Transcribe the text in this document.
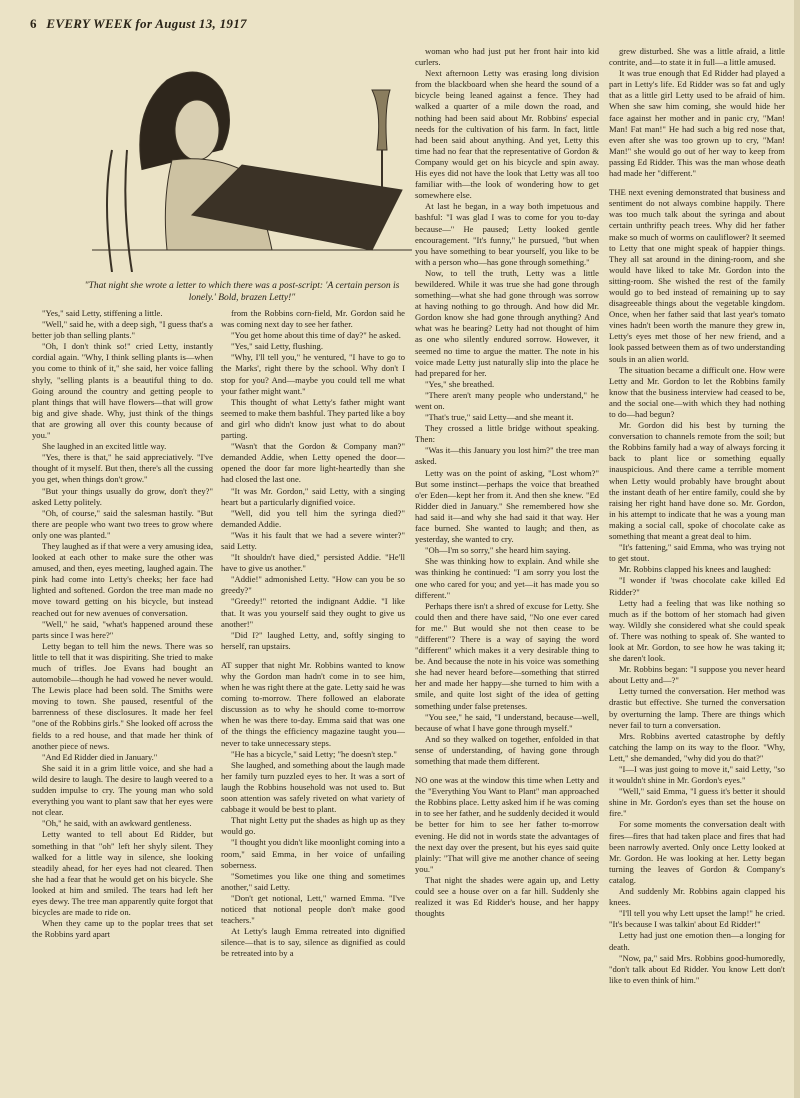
6 EVERY WEEK for August 13, 1917
"That night she wrote a letter to which there was a post-script: 'A certain person is lonely.' Bold, brazen Letty!"

"Yes," said Letty, stiffening a little.

"Well," said he, with a deep sigh, "I guess that's a better job than selling plants."

"Oh, I don't think so!" cried Letty, instantly cordial again. "Why, I think selling plants is—when you come to think of it," she said, her voice falling shyly, "selling plants is a beautiful thing to do. Going around the country and getting people to plant things that will have flowers—that will grow big and give shade. Why, just think of the things that are growing all over this county because of you."

She laughed in an excited little way.

"Yes, there is that," he said appreciatively. "I've thought of it myself. But then, there's all the cussing you get, when things don't grow."

"But your things usually do grow, don't they?" asked Letty politely.

"Oh, of course," said the salesman hastily. "But there are people who want two trees to grow where only one was planted."

They laughed as if that were a very amusing idea, looked at each other to make sure the other was amused, and then, eyes meeting, laughed again. The pink had come into Letty's cheeks; her face had lighted and softened. Gordon the tree man made no move toward getting on his bicycle, but instead reached out for new avenues of conversation.

"Well," he said, "what's happened around these parts since I was here?"

Letty began to tell him the news. There was so little to tell that it was dispiriting. She tried to make much of trifles. Joe Evans had bought an automobile—though he had vowed he never would. The Lewis place had been sold. The Smiths were moving to town. She paused, resentful of the barrenness of these disclosures. It made her feel "one of the Robbins girls." She looked off across the fields to a red house, and that made her think of another piece of news.

"And Ed Ridder died in January."

She said it in a grim little voice, and she had a wild desire to laugh. The desire to laugh veered to a sudden impulse to cry. The young man who sold everything you want to plant saw that her eyes were not clear.

"Oh," he said, with an awkward gentleness.

Letty wanted to tell about Ed Ridder, but something in that "oh" left her shyly silent. They walked for a little way in silence, she looking steadily ahead, for her eyes had not cleared. Then she had a fear that he would get on his bicycle. She looked at him and smiled. The tears had left her eyes dewy. The tree man apparently quite forgot that bicycles are made to ride on.

When they came up to the poplar trees that set the Robbins yard apart

from the Robbins corn-field, Mr. Gordon said he was coming next day to see her father.

"You get home about this time of day?" he asked.

"Yes," said Letty, flushing.

"Why, I'll tell you," he ventured, "I have to go to the Marks', right there by the school. Why don't I stop for you? And—maybe you could tell me what your father might want."

This thought of what Letty's father might want seemed to make them bashful. They parted like a boy and girl who didn't know just what to do about parting.

"Wasn't that the Gordon & Company man?" demanded Addie, when Letty opened the door—opened the door far more light-heartedly than she had closed the last one.

"It was Mr. Gordon," said Letty, with a singing heart but a particularly dignified voice.

"Well, did you tell him the syringa died?" demanded Addie.

"Was it his fault that we had a severe winter?" said Letty.

"It shouldn't have died," persisted Addie. "He'll have to give us another."

"Addie!" admonished Letty. "How can you be so greedy?"

"Greedy!" retorted the indignant Addie. "I like that. It was you yourself said they ought to give us another!"

"Did I?" laughed Letty, and, softly singing to herself, ran upstairs.

AT supper that night Mr. Robbins wanted to know why the Gordon man hadn't come in to see him, when he was right there at the gate. Letty said he was coming to-morrow. There followed an elaborate discussion as to why he should come to-morrow when he was there to-day. Emma said that was one of the things the efficiency magazine taught you—never to take unnecessary steps.

"He has a bicycle," said Letty; "he doesn't step."

She laughed, and something about the laugh made her family turn puzzled eyes to her. It was a sort of laugh the Robbins household was not used to. But soon attention was safely riveted on what variety of cabbage it would be best to plant.

That night Letty put the shades as high up as they would go.

"I thought you didn't like moonlight coming into a room," said Emma, in her voice of unfailing soberness.

"Sometimes you like one thing and sometimes another," said Letty.

"Don't get notional, Lett," warned Emma. "I've noticed that notional people don't make good teachers."

At Letty's laugh Emma retreated into dignified silence—that is to say, silence as dignified as could be retreated into by a

woman who had just put her front hair into kid curlers.

Next afternoon Letty was erasing long division from the blackboard when she heard the sound of a bicycle being leaned against a fence. They had walked a quarter of a mile down the road, and nothing had been said about Mr. Robbins' especial needs for the cultivation of his farm. In fact, little had been said about anything. And yet, Letty this time had no fear that the representative of Gordon & Company would get on his bicycle and spin away. His eyes did not have the look that Letty was all too familiar with—the look of wondering how to get somewhere else.

At last he began, in a way both impetuous and bashful: "I was glad I was to come for you to-day because—" He paused; Letty looked gentle encouragement. "It's funny," he pursued, "but when you have something to bear yourself, you like to be with a person who—has gone through something."

Now, to tell the truth, Letty was a little bewildered. While it was true she had gone through something—what she had gone through was sorrow at having nothing to go through. And how did Mr. Gordon know she had gone through anything? And what was he bearing? Letty had not thought of him as one who silently endured sorrow. However, it seemed no time to argue the matter. The note in his voice made Letty just naturally slip into the place he had prepared for her.

"Yes," she breathed.

"There aren't many people who understand," he went on.

"That's true," said Letty—and she meant it.

They crossed a little bridge without speaking. Then:

"Was it—this January you lost him?" the tree man asked.

Letty was on the point of asking, "Lost whom?" But some instinct—perhaps the voice that breathed o'er Eden—kept her from it. And then she knew. "Ed Ridder died in January." She remembered how she had said it—and why she had said it that way. Her face burned. She wanted to laugh; and then, as yesterday, she wanted to cry.

"Oh—I'm so sorry," she heard him saying.

She was thinking how to explain. And while she was thinking he continued: "I am sorry you lost the one who cared for you; and yet—it has made you so different."

Perhaps there isn't a shred of excuse for Letty. She could then and there have said, "No one ever cared for me." But would she not then cease to be "different"? There is a way of saying the word "different" which makes it a very desirable thing to be. And because the note in his voice was something she had never heard before—something that stirred her and made her happy—she turned to him with a smile, and quite lost sight of the idea of getting something under false pretenses.

"You see," he said, "I understand, because—well, because of what I have gone through myself."

And so they walked on together, enfolded in that sense of understanding, of having gone through something that made them different.

NO one was at the window this time when Letty and the "Everything You Want to Plant" man approached the Robbins place. Letty asked him if he was coming in to see her father, and he suddenly decided it would be better for him to see her father to-morrow evening. He did not in words state the advantages of the next day over the present, but his eyes said quite plainly: "That will give me another chance of seeing you."

That night the shades were again up, and Letty could see a house over on a far hill. Suddenly she realized it was Ed Ridder's house, and her happy thoughts

grew disturbed. She was a little afraid, a little contrite, and—to state it in full—a little amused.

It was true enough that Ed Ridder had played a part in Letty's life. Ed Ridder was so fat and ugly that as a little girl Letty used to be afraid of him. When she saw him coming, she would hide her face against her mother and in panic cry, "Man! Man! Fat man!" He had such a big red nose that, even after she was too grown up to cry, "Man! Man!" she would go out of her way to keep from passing Ed Ridder. This was the man whose death had made her "different."

THE next evening demonstrated that business and sentiment do not always combine happily. There was too much talk about the syringa and about certain unthrifty peach trees. Why did her father make so much of worms on cauliflower? It seemed to Letty that one might speak of happier things. They all sat around in the dining-room, and she would have liked to take Mr. Gordon into the sitting-room. She wished the rest of the family would go to bed instead of remaining up to say disagreeable things about the vegetable kingdom. Once, when her father said that last year's tomato vines hadn't been worth the manure they grew in, Letty's eyes met those of her new friend, and a look passed between them as of two understanding souls in an alien world.

The situation became a difficult one. How were Letty and Mr. Gordon to let the Robbins family know that the business interview had ceased to be, and the social one—with which they had nothing to do—had begun?

Mr. Gordon did his best by turning the conversation to channels remote from the soil; but the Robbins family had a way of always forcing it back to plant lice or something equally inauspicious. And there came a terrible moment when Letty would probably have brought about the instant death of her entire family, could she by raising her right hand have done so. Mr. Gordon, in his attempt to indicate that he was a young man making a social call, spoke of chocolate cake as something that meant a great deal to him.

"It's fattening," said Emma, who was trying not to get stout.

Mr. Robbins clapped his knees and laughed:

"I wonder if 'twas chocolate cake killed Ed Ridder?"

Letty had a feeling that was like nothing so much as if the bottom of her stomach had given way. Wildly she considered what she could speak of. There was nothing to speak of. She wanted to look at Mr. Gordon, to see how he was taking it; she daren't look.

Mr. Robbins began: "I suppose you never heard about Letty and—?"

Letty turned the conversation. Her method was drastic but effective. She turned the conversation by overturning the lamp. There are things which never fail to turn a conversation.

Mrs. Robbins averted catastrophe by deftly catching the lamp on its way to the floor. "Why, Lett," she demanded, "why did you do that?"

"I—I was just going to move it," said Letty, "so it wouldn't shine in Mr. Gordon's eyes."

"Well," said Emma, "I guess it's better it should shine in Mr. Gordon's eyes than set the house on fire."

For some moments the conversation dealt with fires—fires that had taken place and fires that had been narrowly averted. Only once Letty looked at Mr. Gordon. He was looking at her. Letty began turning the leaves of Gordon & Company's catalog.

And suddenly Mr. Robbins again clapped his knees.

"I'll tell you why Lett upset the lamp!" he cried. "It's because I was talkin' about Ed Ridder!"

Letty had just one emotion then—a longing for death.

"Now, pa," said Mrs. Robbins good-humoredly, "don't talk about Ed Ridder. You know Lett don't like to even think of him."
